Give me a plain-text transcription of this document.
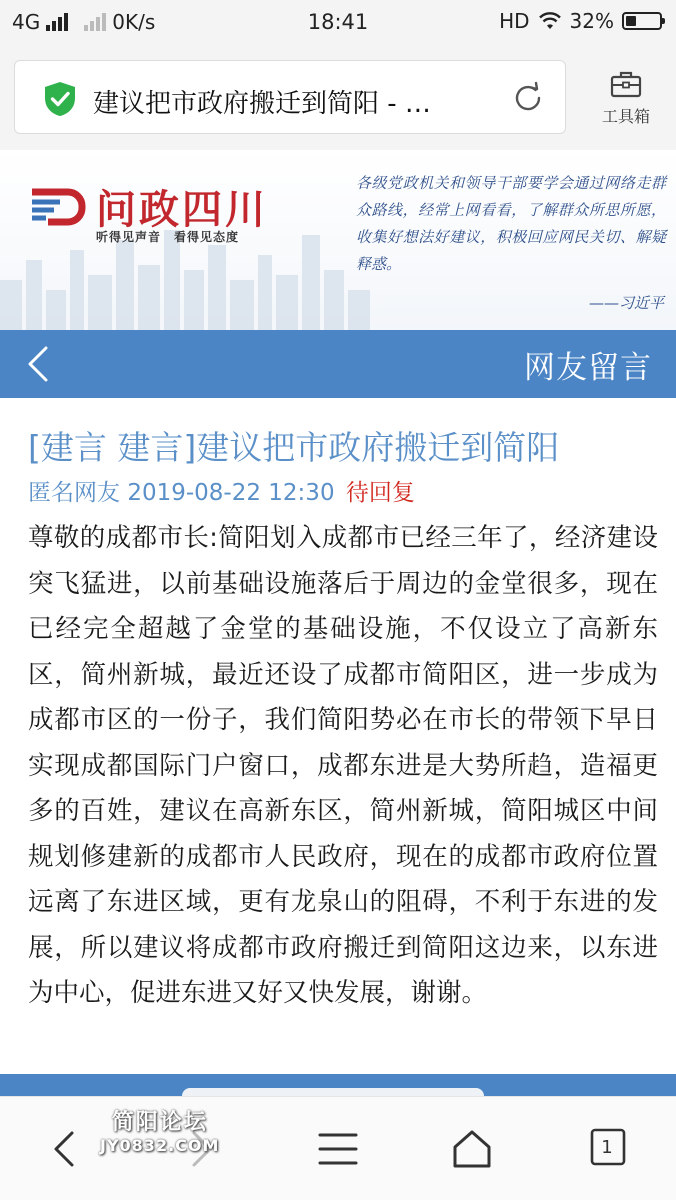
4G	0K/s	18:41	HD 32%
建议把市政府搬迁到简阳 - …	工具箱
问政四川
听得见声音　看得见态度
各级党政机关和领导干部要学会通过网络走群众路线，经常上网看看，了解群众所思所愿，收集好想法好建议，积极回应网民关切、解疑释惑。
——习近平
网友留言
[建言 建言]建议把市政府搬迁到简阳
匿名网友 2019-08-22 12:30 待回复
尊敬的成都市长:简阳划入成都市已经三年了，经济建设突飞猛进，以前基础设施落后于周边的金堂很多，现在已经完全超越了金堂的基础设施，不仅设立了高新东区，简州新城，最近还设了成都市简阳区，进一步成为成都市区的一份子，我们简阳势必在市长的带领下早日实现成都国际门户窗口，成都东进是大势所趋，造福更多的百姓，建议在高新东区，简州新城，简阳城区中间规划修建新的成都市人民政府，现在的成都市政府位置远离了东进区域，更有龙泉山的阻碍，不利于东进的发展，所以建议将成都市政府搬迁到简阳这边来，以东进为中心，促进东进又好又快发展，谢谢。
简阳论坛
JY0832.COM	1
